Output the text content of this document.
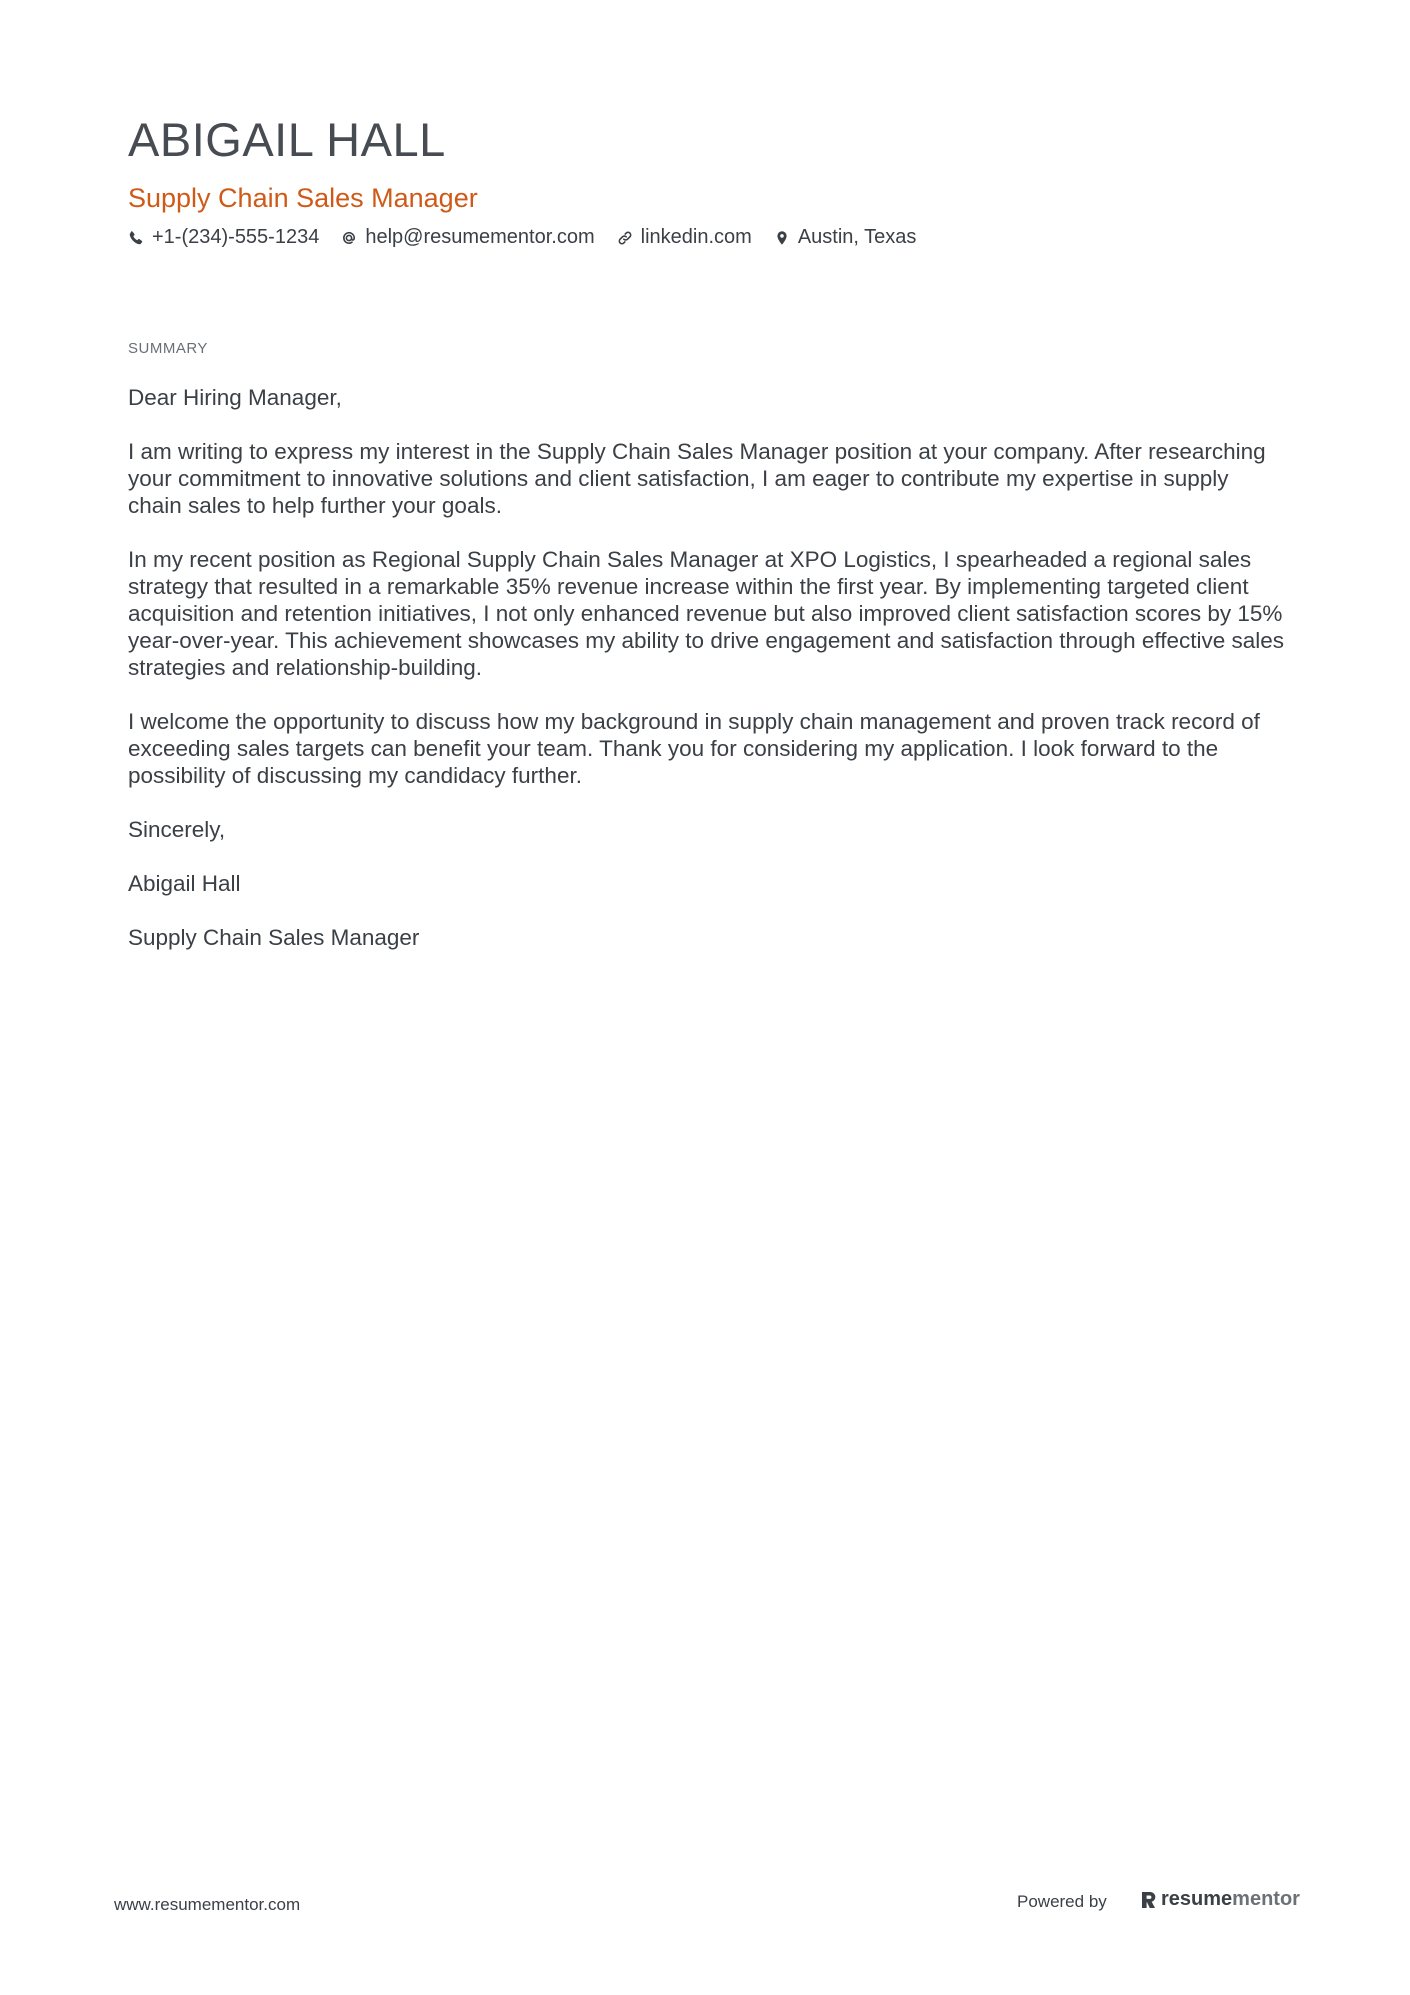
ABIGAIL HALL
Supply Chain Sales Manager
+1-(234)-555-1234 help@resumementor.com linkedin.com Austin, Texas
SUMMARY

Dear Hiring Manager,

I am writing to express my interest in the Supply Chain Sales Manager position at your company. After researching your commitment to innovative solutions and client satisfaction, I am eager to contribute my expertise in supply chain sales to help further your goals.

In my recent position as Regional Supply Chain Sales Manager at XPO Logistics, I spearheaded a regional sales strategy that resulted in a remarkable 35% revenue increase within the first year. By implementing targeted client acquisition and retention initiatives, I not only enhanced revenue but also improved client satisfaction scores by 15% year-over-year. This achievement showcases my ability to drive engagement and satisfaction through effective sales strategies and relationship-building.

I welcome the opportunity to discuss how my background in supply chain management and proven track record of exceeding sales targets can benefit your team. Thank you for considering my application. I look forward to the possibility of discussing my candidacy further.

Sincerely,

Abigail Hall

Supply Chain Sales Manager

www.resumementor.com	Powered by	resumementor
